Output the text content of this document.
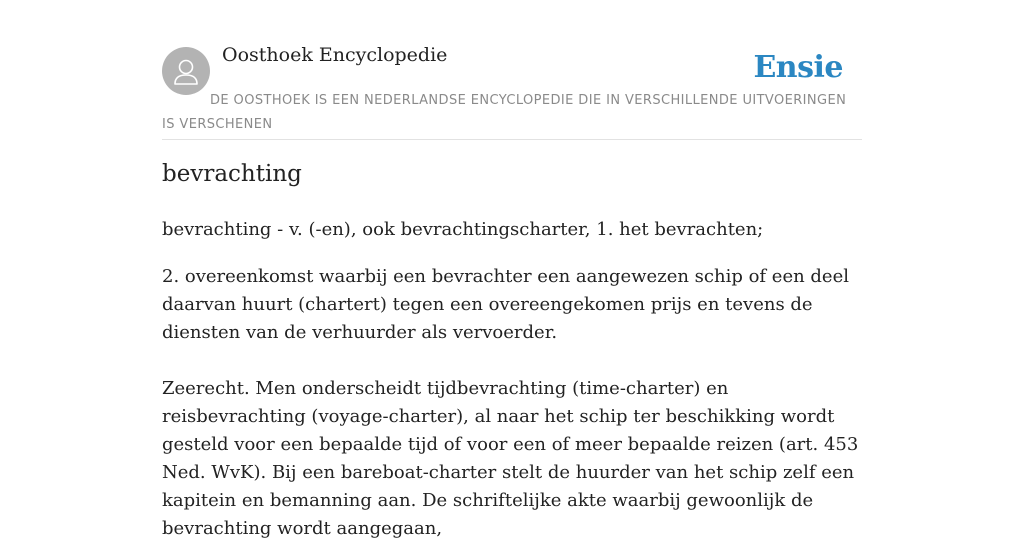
Oosthoek Encyclopedie	Ensie
DE OOSTHOEK IS EEN NEDERLANDSE ENCYCLOPEDIE DIE IN VERSCHILLENDE UITVOERINGEN IS VERSCHENEN
bevrachting

bevrachting - v. (-en), ook bevrachtingscharter, 1. het bevrachten;

2. overeenkomst waarbij een bevrachter een aangewezen schip of een deel daarvan huurt (chartert) tegen een overeengekomen prijs en tevens de diensten van de verhuurder als vervoerder.

Zeerecht. Men onderscheidt tijdbevrachting (time-charter) en reisbevrachting (voyage-charter), al naar het schip ter beschikking wordt gesteld voor een bepaalde tijd of voor een of meer bepaalde reizen (art. 453 Ned. WvK). Bij een bareboat-charter stelt de huurder van het schip zelf een kapitein en bemanning aan. De schriftelijke akte waarbij gewoonlijk de bevrachting wordt aangegaan,
